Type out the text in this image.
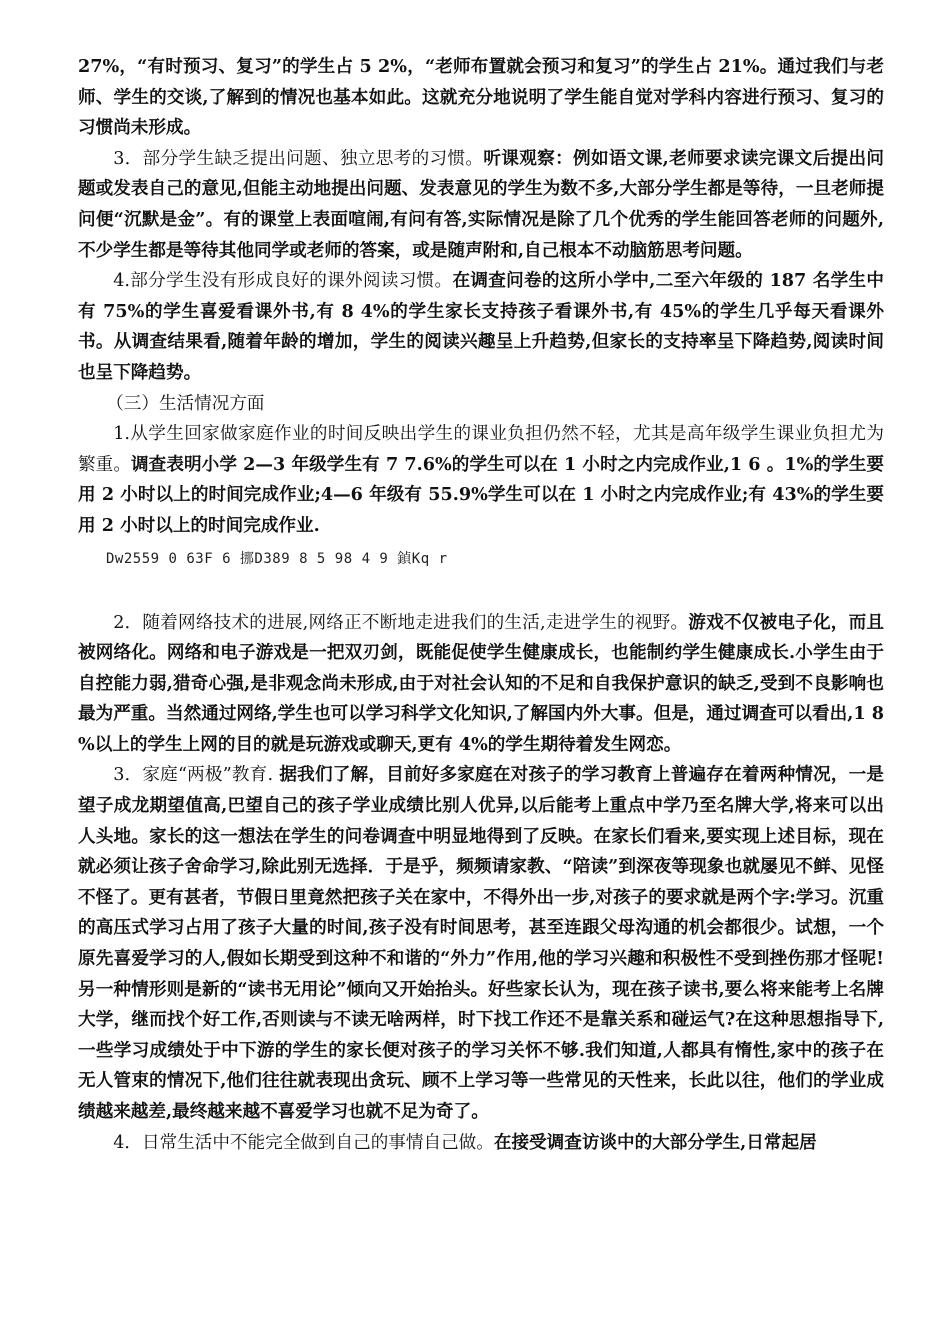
27%，“有时预习、复习”的学生占 5 2%，“老师布置就会预习和复习”的学生占 21%。通过我们与老师、学生的交谈,了解到的情况也基本如此。这就充分地说明了学生能自觉对学科内容进行预习、复习的习惯尚未形成。

3．部分学生缺乏提出问题、独立思考的习惯。听课观察：例如语文课,老师要求读完课文后提出问题或发表自己的意见,但能主动地提出问题、发表意见的学生为数不多,大部分学生都是等待，一旦老师提问便“沉默是金”。有的课堂上表面喧闹,有问有答,实际情况是除了几个优秀的学生能回答老师的问题外,不少学生都是等待其他同学或老师的答案，或是随声附和,自己根本不动脑筋思考问题。

4.部分学生没有形成良好的课外阅读习惯。在调查问卷的这所小学中,二至六年级的 187 名学生中有 75%的学生喜爱看课外书,有 8 4%的学生家长支持孩子看课外书,有 45%的学生几乎每天看课外书。从调查结果看,随着年龄的增加，学生的阅读兴趣呈上升趋势,但家长的支持率呈下降趋势,阅读时间也呈下降趋势。

（三）生活情况方面

1.从学生回家做家庭作业的时间反映出学生的课业负担仍然不轻，尤其是高年级学生课业负担尤为繁重。调查表明小学 2—3 年级学生有 7 7.6%的学生可以在 1 小时之内完成作业,1 6 。1%的学生要用 2 小时以上的时间完成作业;4—6 年级有 55.9%学生可以在 1 小时之内完成作业;有 43%的学生要用 2 小时以上的时间完成作业.

Dw2559 0 63F 6 挪D389 8 5 98 4 9 鍞Kq r

2．随着网络技术的进展,网络正不断地走进我们的生活,走进学生的视野。游戏不仅被电子化，而且被网络化。网络和电子游戏是一把双刃剑，既能促使学生健康成长，也能制约学生健康成长.小学生由于自控能力弱,猎奇心强,是非观念尚未形成,由于对社会认知的不足和自我保护意识的缺乏,受到不良影响也最为严重。当然通过网络,学生也可以学习科学文化知识,了解国内外大事。但是，通过调查可以看出,1 8 %以上的学生上网的目的就是玩游戏或聊天,更有 4%的学生期待着发生网恋。

3．家庭“两极”教育. 据我们了解，目前好多家庭在对孩子的学习教育上普遍存在着两种情况，一是望子成龙期望值高,巴望自己的孩子学业成绩比别人优异,以后能考上重点中学乃至名牌大学,将来可以出人头地。家长的这一想法在学生的问卷调查中明显地得到了反映。在家长们看来,要实现上述目标，现在就必须让孩子舍命学习,除此别无选择．于是乎，频频请家教、“陪读”到深夜等现象也就屡见不鲜、见怪不怪了。更有甚者，节假日里竟然把孩子关在家中，不得外出一步,对孩子的要求就是两个字:学习。沉重的高压式学习占用了孩子大量的时间,孩子没有时间思考，甚至连跟父母沟通的机会都很少。试想，一个原先喜爱学习的人,假如长期受到这种不和谐的“外力”作用,他的学习兴趣和积极性不受到挫伤那才怪呢!另一种情形则是新的“读书无用论”倾向又开始抬头。好些家长认为，现在孩子读书,要么将来能考上名牌大学，继而找个好工作,否则读与不读无啥两样，时下找工作还不是靠关系和碰运气?在这种思想指导下,一些学习成绩处于中下游的学生的家长便对孩子的学习关怀不够.我们知道,人都具有惰性,家中的孩子在无人管束的情况下,他们往往就表现出贪玩、顾不上学习等一些常见的天性来，长此以往，他们的学业成绩越来越差,最终越来越不喜爱学习也就不足为奇了。

4．日常生活中不能完全做到自己的事情自己做。在接受调查访谈中的大部分学生,日常起居
